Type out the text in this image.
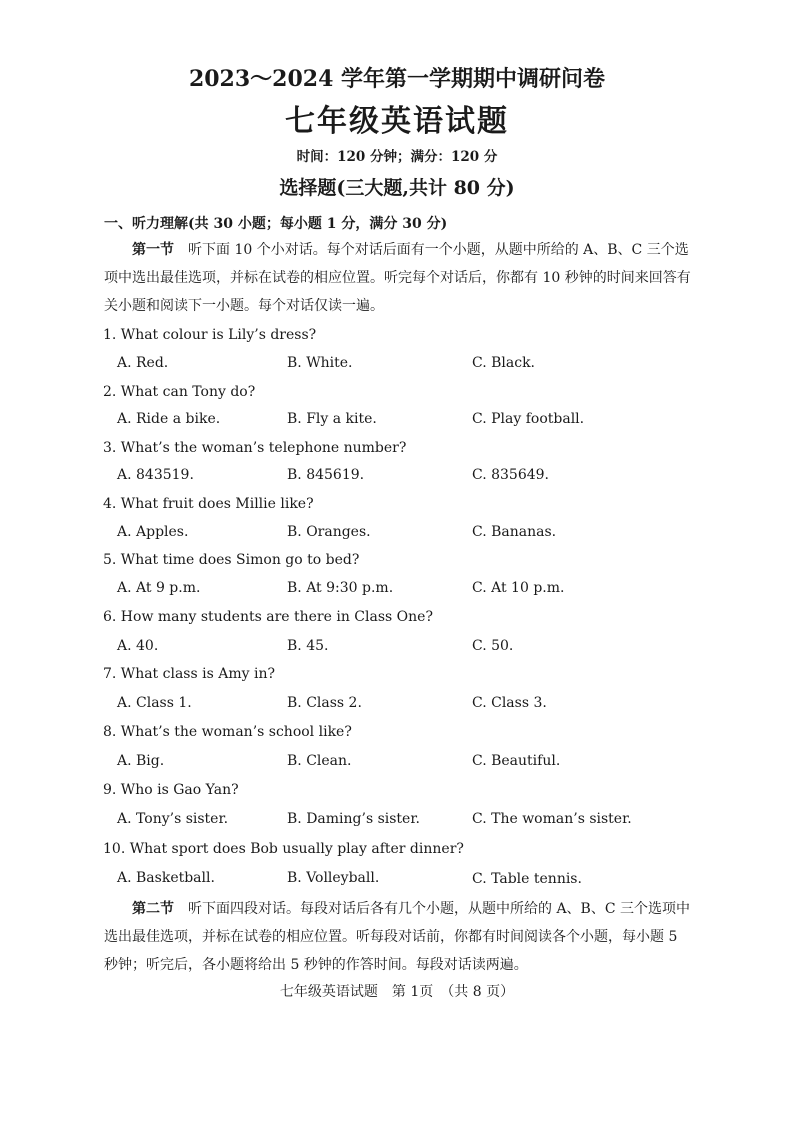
2023～2024 学年第一学期期中调研问卷
七年级英语试题
时间：120 分钟；满分：120 分
选择题(三大题,共计 80 分)
一、听力理解(共 30 小题；每小题 1 分，满分 30 分)
第一节 听下面 10 个小对话。每个对话后面有一个小题，从题中所给的 A、B、C 三个选项中选出最佳选项，并标在试卷的相应位置。听完每个对话后，你都有 10 秒钟的时间来回答有关小题和阅读下一小题。每个对话仅读一遍。
1. What colour is Lily’s dress?
A. Red.	B. White.	C. Black.
2. What can Tony do?
A. Ride a bike.	B. Fly a kite.	C. Play football.
3. What’s the woman’s telephone number?
A. 843519.	B. 845619.	C. 835649.
4. What fruit does Millie like?
A. Apples.	B. Oranges.	C. Bananas.
5. What time does Simon go to bed?
A. At 9 p.m.	B. At 9:30 p.m.	C. At 10 p.m.
6. How many students are there in Class One?
A. 40.	B. 45.	C. 50.
7. What class is Amy in?
A. Class 1.	B. Class 2.	C. Class 3.
8. What’s the woman’s school like?
A. Big.	B. Clean.	C. Beautiful.
9. Who is Gao Yan?
A. Tony’s sister.	B. Daming’s sister.	C. The woman’s sister.
10. What sport does Bob usually play after dinner?
A. Basketball.	B. Volleyball.	C. Table tennis.
第二节 听下面四段对话。每段对话后各有几个小题，从题中所给的 A、B、C 三个选项中选出最佳选项，并标在试卷的相应位置。听每段对话前，你都有时间阅读各个小题，每小题 5 秒钟；听完后，各小题将给出 5 秒钟的作答时间。每段对话读两遍。
七年级英语试题　第 1页　（共 8 页）
